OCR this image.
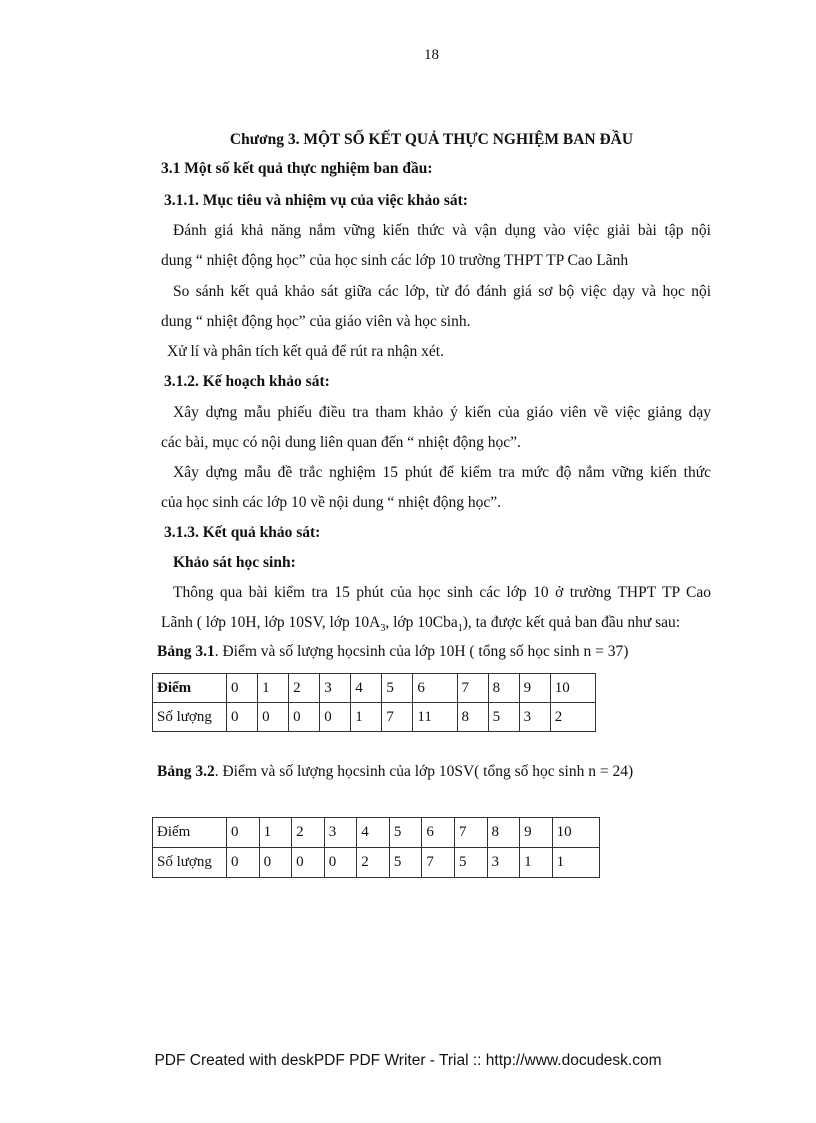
18
Chương 3. MỘT SỐ KẾT QUẢ THỰC NGHIỆM BAN ĐẦU
3.1 Một số kết quả thực nghiệm ban đầu:
3.1.1. Mục tiêu và nhiệm vụ của việc khảo sát:
Đánh giá khả năng nắm vững kiến thức và vận dụng vào việc giải bài tập nội
dung “ nhiệt động học” của học sinh các lớp 10 trường THPT TP Cao Lãnh
So sánh kết quả khảo sát giữa các lớp, từ đó đánh giá sơ bộ việc dạy và học nội
dung “ nhiệt động học” của giáo viên và học sinh.
Xử lí và phân tích kết quả để rút ra nhận xét.
3.1.2. Kế hoạch khảo sát:
Xây dựng mẫu phiếu điều tra tham khảo ý kiến của giáo viên về việc giảng dạy
các bài, mục có nội dung liên quan đến “ nhiệt động học”.
Xây dựng mẫu đề trắc nghiệm 15 phút để kiểm tra mức độ nắm vững kiến thức
của học sinh các lớp 10 về nội dung “ nhiệt động học”.
3.1.3. Kết quả khảo sát:
Khảo sát học sinh:
Thông qua bài kiểm tra 15 phút của học sinh các lớp 10 ở trường THPT TP Cao
Lãnh ( lớp 10H, lớp 10SV, lớp $10A_3$, lớp 10Cba$_1$), ta được kết quả ban đầu như sau:
Bảng 3.1. Điểm và số lượng họcsinh của lớp 10H ( tổng số học sinh n = 37)
Điểm	0	1	2	3	4	5	6	7	8	9	10
Số lượng	0	0	0	0	1	7	11	8	5	3	2
Bảng 3.2. Điểm và số lượng họcsinh của lớp 10SV( tổng số học sinh n = 24)
Điểm	0	1	2	3	4	5	6	7	8	9	10
Số lượng	0	0	0	0	2	5	7	5	3	1	1
PDF Created with deskPDF PDF Writer - Trial :: http://www.docudesk.com
